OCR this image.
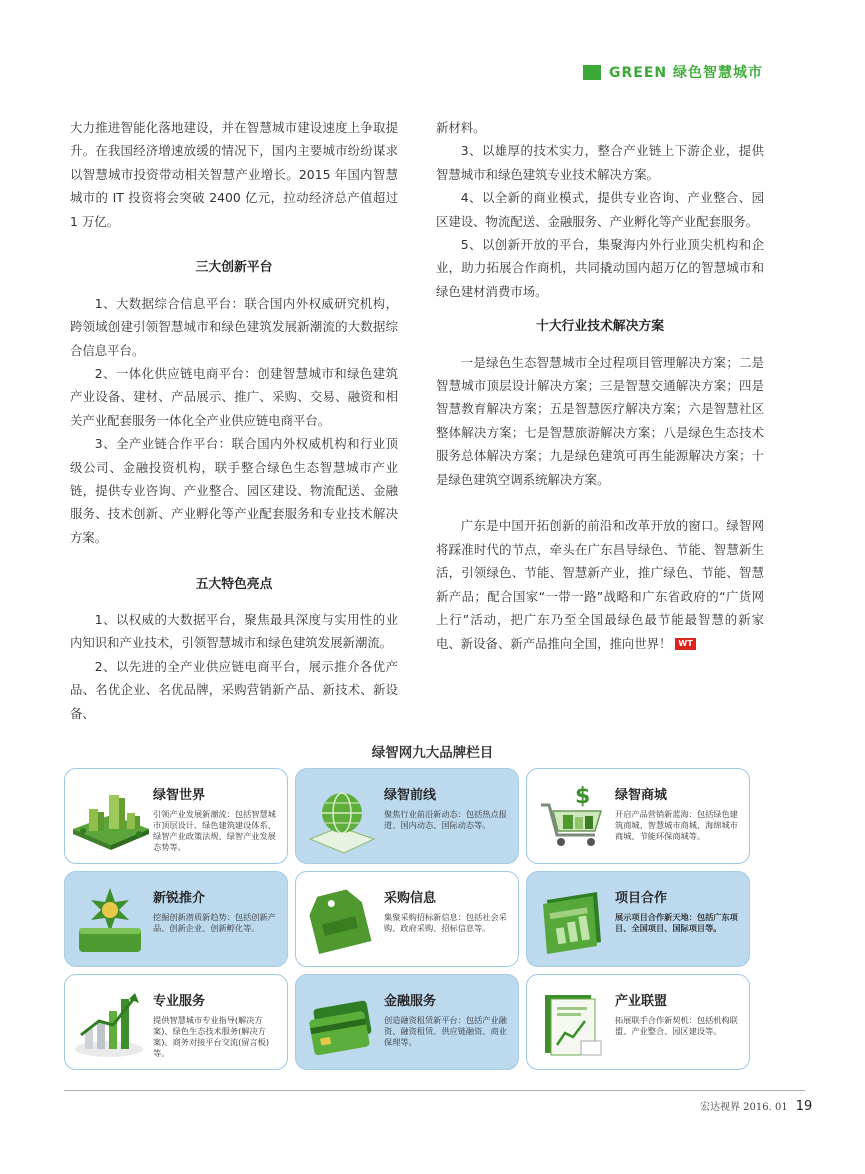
GREEN 绿色智慧城市

大力推进智能化落地建设，并在智慧城市建设速度上争取提升。在我国经济增速放缓的情况下，国内主要城市纷纷谋求以智慧城市投资带动相关智慧产业增长。2015 年国内智慧城市的 IT 投资将会突破 2400 亿元，拉动经济总产值超过 1 万亿。

三大创新平台

1、大数据综合信息平台：联合国内外权威研究机构，跨领域创建引领智慧城市和绿色建筑发展新潮流的大数据综合信息平台。

2、一体化供应链电商平台：创建智慧城市和绿色建筑产业设备、建材、产品展示、推广、采购、交易、融资和相关产业配套服务一体化全产业供应链电商平台。

3、全产业链合作平台：联合国内外权威机构和行业顶级公司、金融投资机构，联手整合绿色生态智慧城市产业链，提供专业咨询、产业整合、园区建设、物流配送、金融服务、技术创新、产业孵化等产业配套服务和专业技术解决方案。

五大特色亮点

1、以权威的大数据平台，聚焦最具深度与实用性的业内知识和产业技术，引领智慧城市和绿色建筑发展新潮流。

2、以先进的全产业供应链电商平台，展示推介各优产品、名优企业、名优品牌，采购营销新产品、新技术、新设备、

新材料。

3、以雄厚的技术实力，整合产业链上下游企业，提供智慧城市和绿色建筑专业技术解决方案。

4、以全新的商业模式，提供专业咨询、产业整合、园区建设、物流配送、金融服务、产业孵化等产业配套服务。

5、以创新开放的平台，集聚海内外行业顶尖机构和企业，助力拓展合作商机，共同撬动国内超万亿的智慧城市和绿色建材消费市场。

十大行业技术解决方案

一是绿色生态智慧城市全过程项目管理解决方案；二是智慧城市顶层设计解决方案；三是智慧交通解决方案；四是智慧教育解决方案；五是智慧医疗解决方案；六是智慧社区整体解决方案；七是智慧旅游解决方案；八是绿色生态技术服务总体解决方案；九是绿色建筑可再生能源解决方案；十是绿色建筑空调系统解决方案。

广东是中国开拓创新的前沿和改革开放的窗口。绿智网将踩准时代的节点，牵头在广东昌导绿色、节能、智慧新生活，引领绿色、节能、智慧新产业，推广绿色、节能、智慧新产品；配合国家“一带一路”战略和广东省政府的“广货网上行”活动，把广东乃至全国最绿色最节能最智慧的新家电、新设备、新产品推向全国，推向世界！ WT

绿智网九大品牌栏目
绿智世界
引领产业发展新潮流：包括智慧城市顶层设计、绿色建筑建设体系、绿智产业政策法规、绿智产业发展态势等。
绿智前线
聚焦行业前沿新动态：包括热点报道、国内动态、国际动态等。
$ 绿智商城
开启产品营销新蓝海：包括绿色建筑商城、智慧城市商城、海绵城市商城、节能环保商城等。
新锐推介
挖掘创新潜质新趋势：包括创新产品、创新企业、创新孵化等。
采购信息
集聚采购招标新信息：包括社会采购、政府采购、招标信息等。
项目合作
展示项目合作新天地：包括广东项目、全国项目、国际项目等。
专业服务
提供智慧城市专业指导(解决方案)、绿色生态技术服务(解决方案)、商务对接平台交流(留言板)等。
金融服务
创造融资租赁新平台：包括产业融资、融资租赁、供应链融资、商业保理等。
产业联盟
拓展联手合作新契机：包括机构联盟、产业整合、园区建设等。
宏达视界 2016. 01 19
